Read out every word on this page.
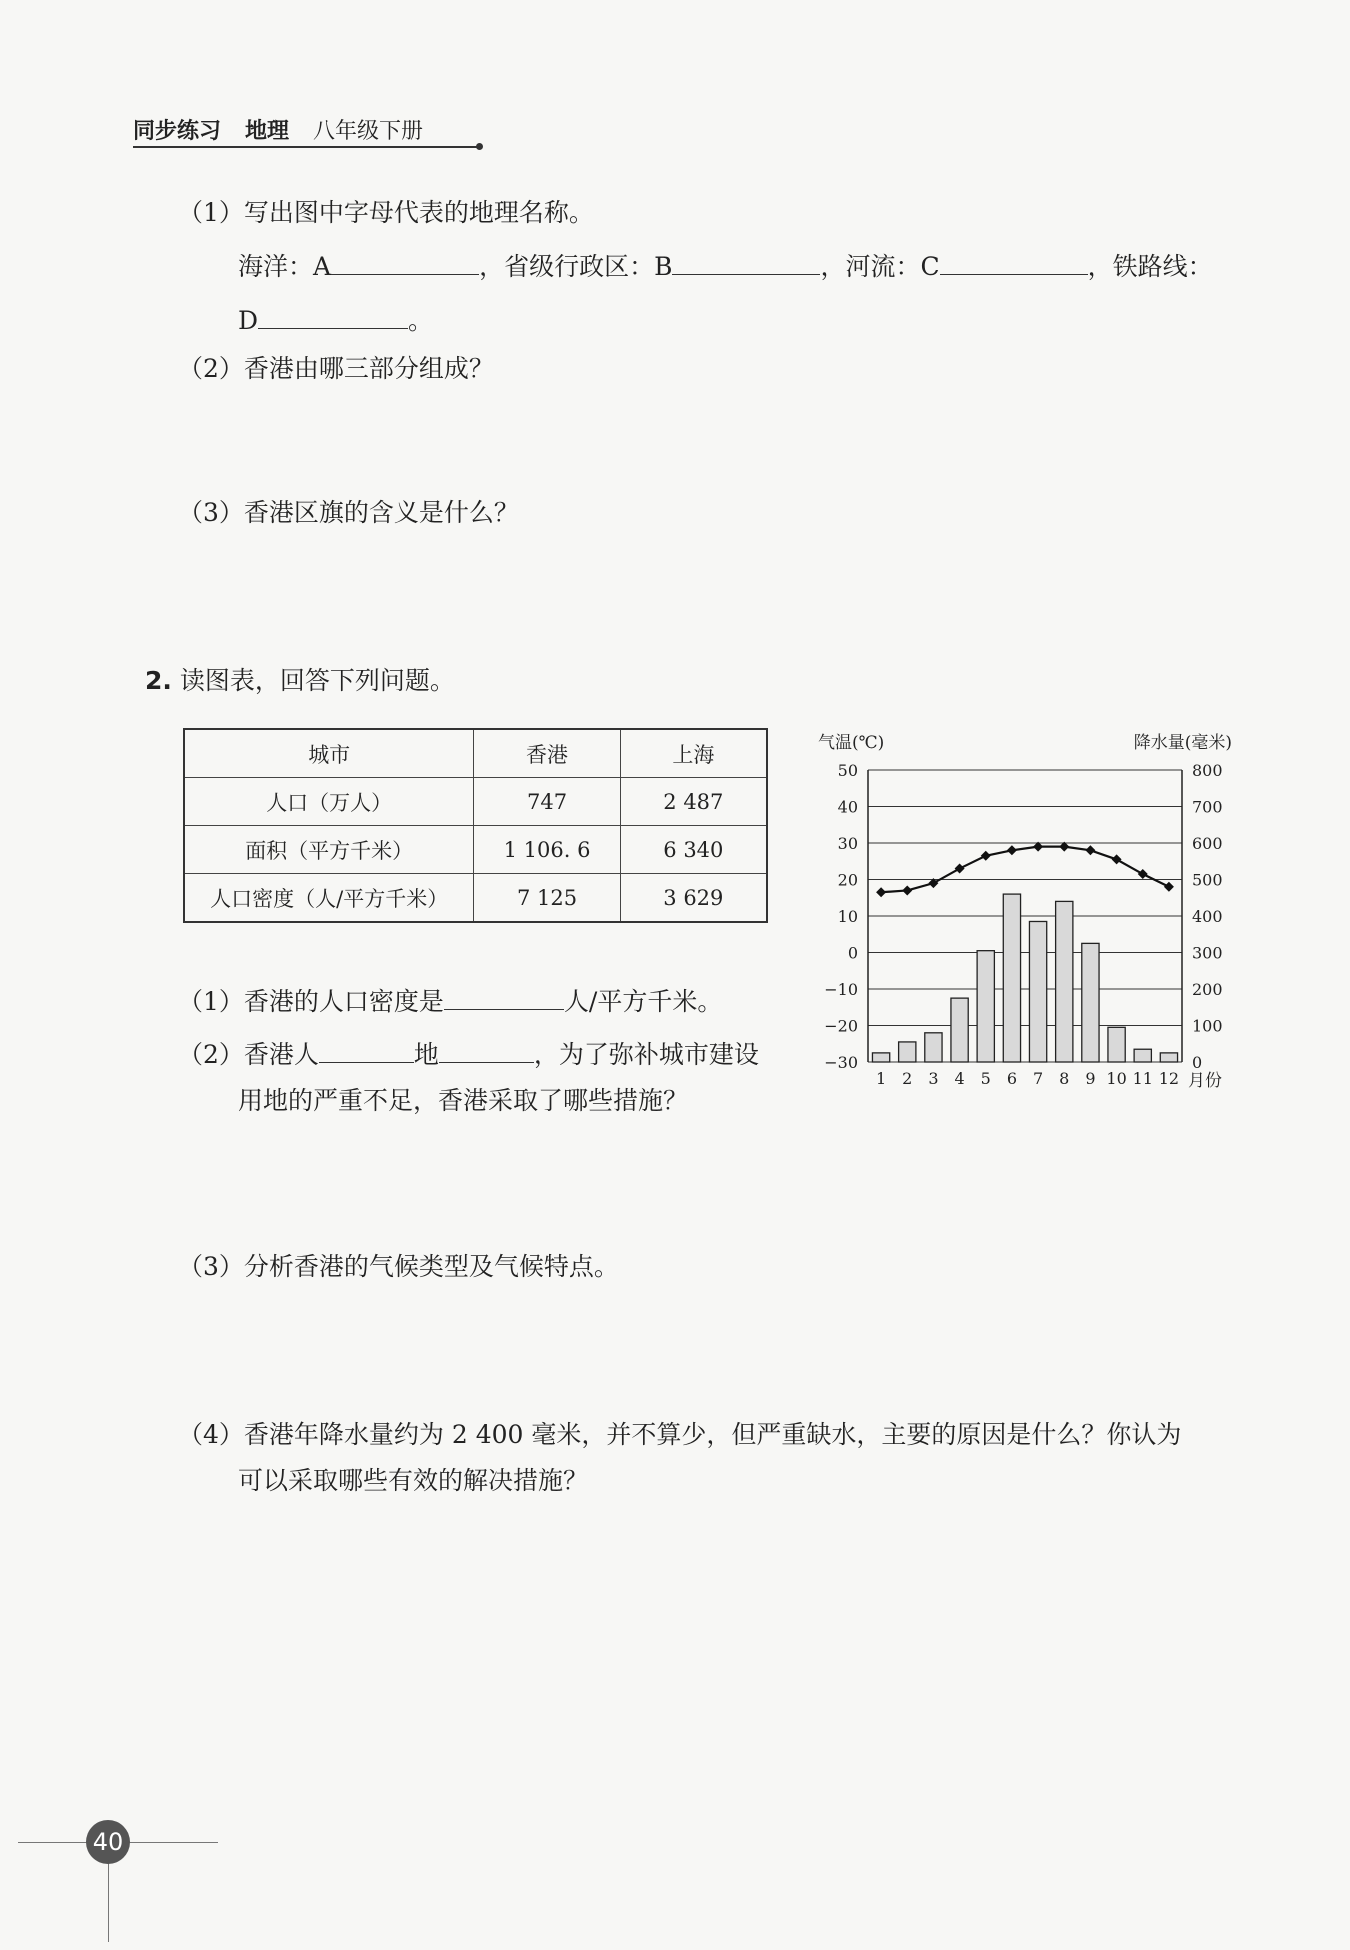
同步练习 地理 八年级下册
（1）写出图中字母代表的地理名称。
海洋：A	，省级行政区：B	，河流：C	，铁路线：
D	。
（2）香港由哪三部分组成？
（3）香港区旗的含义是什么？
2. 读图表，回答下列问题。
城市	香港	上海
人口（万人）	747	2 487
面积（平方千米）	1 106. 6	6 340
人口密度（人/平方千米）	7 125	3 629
（1）香港的人口密度是	人/平方千米。
（2）香港人	地	，为了弥补城市建设
用地的严重不足，香港采取了哪些措施？
（3）分析香港的气候类型及气候特点。
（4）香港年降水量约为 2 400 毫米，并不算少，但严重缺水，主要的原因是什么？你认为
可以采取哪些有效的解决措施？
气温(℃)	降水量(毫米)
50	800
40	700
30	600
20	500
10	400
0	300
−10	200
−20	100
−30	0
1 2 3 4 5 6 7 8 9 10 11 12 月份
40
